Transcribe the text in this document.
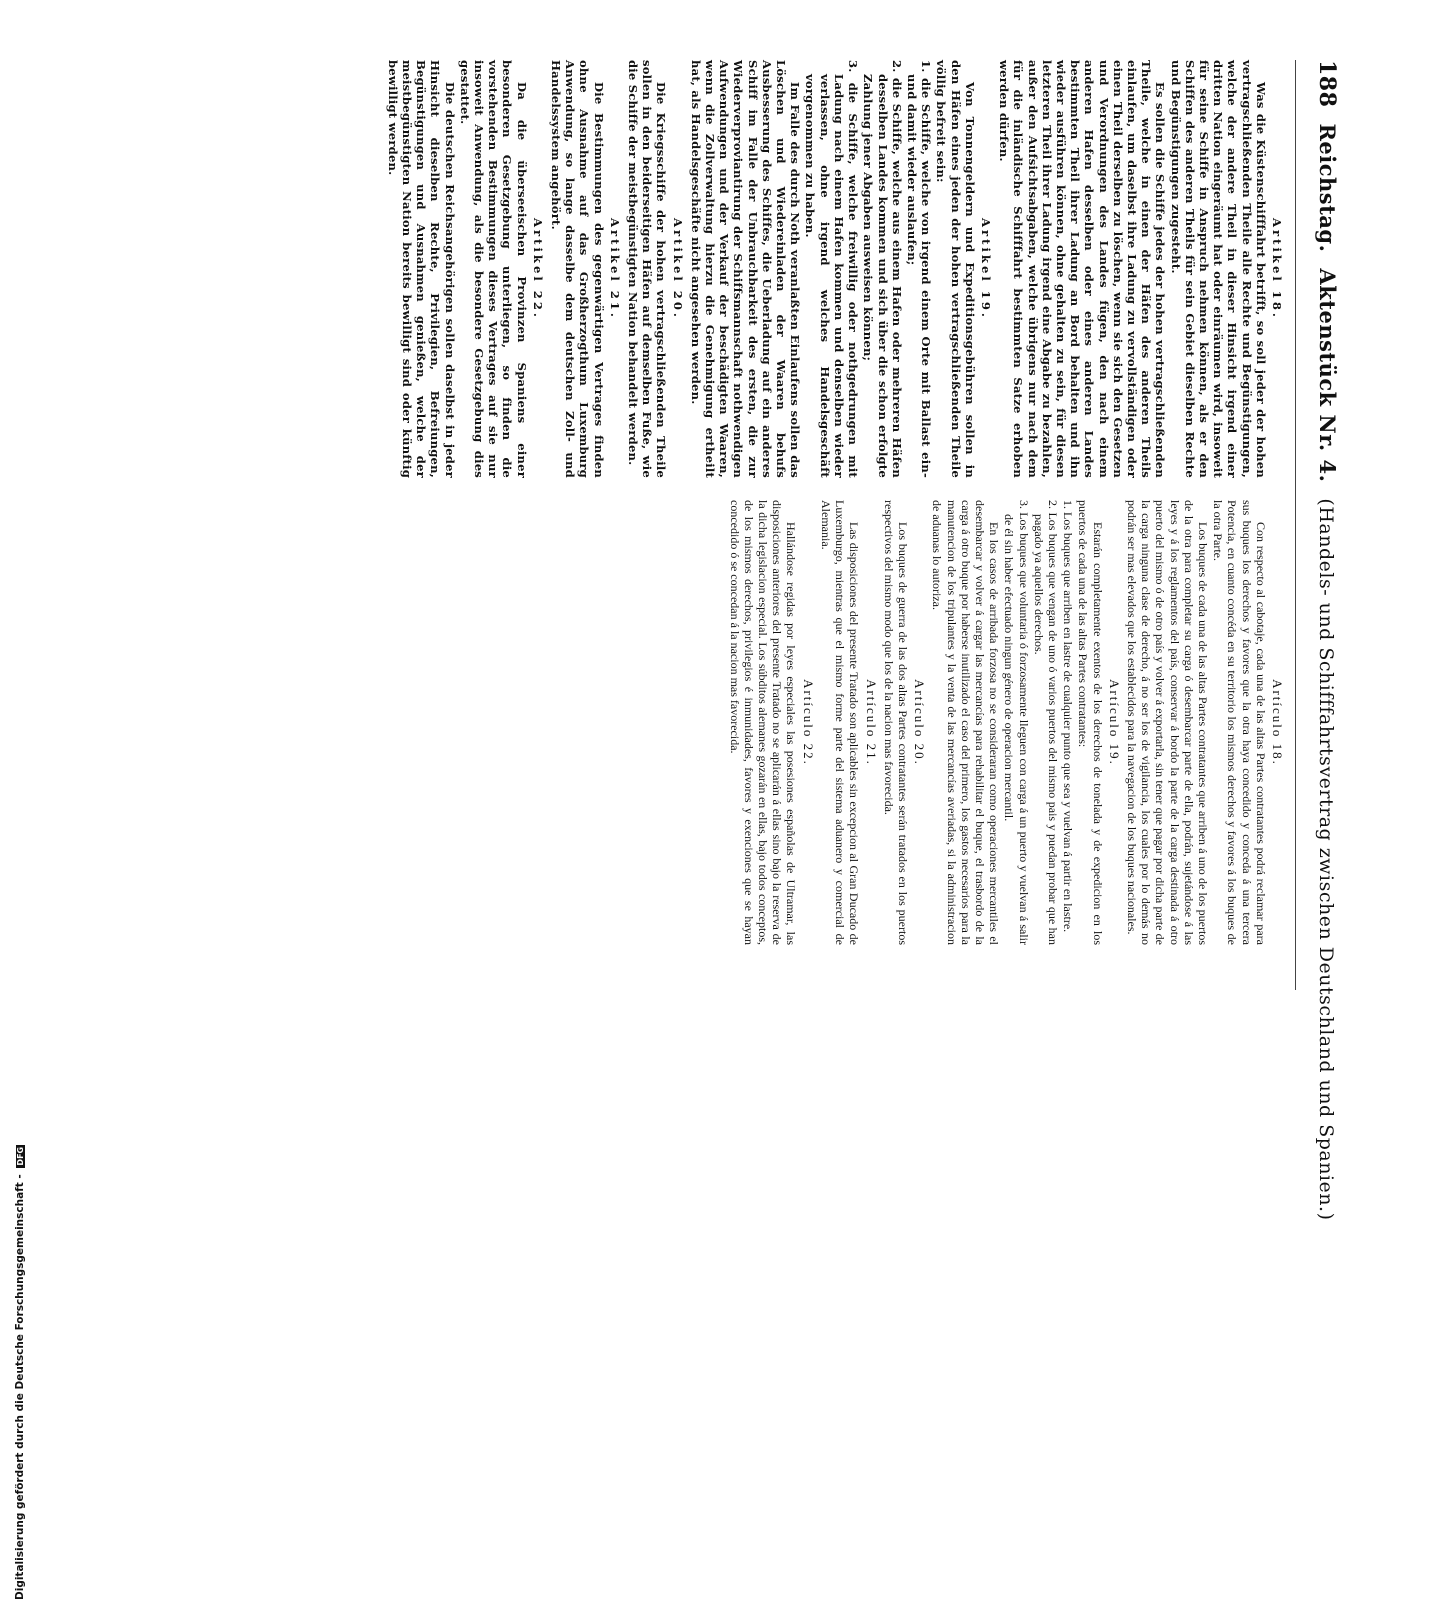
188
Reichstag.
Aktenstück Nr. 4.
(Handels- und Schifffahrtsvertrag zwischen Deutschland und Spanien.)
Artikel 18.
Was die Küstenschifffahrt betrifft, so soll jeder der hohen vertragschließenden Theile alle Rechte und Begünstigungen, welche der andere Theil in dieser Hinsicht irgend einer dritten Nation eingeräumt hat oder einräumen wird, insoweit für seine Schiffe in Anspruch nehmen können, als er den Schiffen des anderen Theils für sein Gebiet dieselben Rechte und Begünstigungen zugesteht.
Es sollen die Schiffe jedes der hohen vertragschließenden Theile, welche in einen der Häfen des anderen Theils einlaufen, um daselbst ihre Ladung zu vervollständigen oder einen Theil derselben zu löschen, wenn sie sich den Gesetzen und Verordnungen des Landes fügen, den nach einem anderen Hafen desselben oder eines anderen Landes bestimmten Theil ihrer Ladung an Bord behalten und ihn wieder ausführen können, ohne gehalten zu sein, für diesen letzteren Theil ihrer Ladung irgend eine Abgabe zu bezahlen, außer den Aufsichtsabgaben, welche übrigens nur nach dem für die inländische Schifffahrt bestimmten Satze erhoben werden dürfen.
Artikel 19.
Von Tonnengeldern und Expeditionsgebühren sollen in den Häfen eines jeden der hohen vertragschließenden Theile völlig befreit sein:
1. die Schiffe, welche von irgend einem Orte mit Ballast ein- und damit wieder auslaufen;
2. die Schiffe, welche aus einem Hafen oder mehreren Häfen desselben Landes kommen und sich über die schon erfolgte Zahlung jener Abgaben ausweisen können;
3. die Schiffe, welche freiwillig oder nothgedrungen mit Ladung nach einem Hafen kommen und denselben wieder verlassen, ohne irgend welches Handelsgeschäft vorgenommen zu haben.
Im Falle des durch Noth veranlaßten Einlaufens sollen das Löschen und Wiedereinladen der Waaren behufs Ausbesserung des Schiffes, die Ueberladung auf ein anderes Schiff im Falle der Unbrauchbarkeit des ersten, die zur Wiederverproviantirung der Schiffsmannschaft nothwendigen Aufwendungen und der Verkauf der beschädigten Waaren, wenn die Zollverwaltung hierzu die Genehmigung ertheilt hat, als Handelsgeschäfte nicht angesehen werden.
Artikel 20.
Die Kriegsschiffe der hohen vertragschließenden Theile sollen in den beiderseitigen Häfen auf demselben Fuße, wie die Schiffe der meistbegünstigten Nation behandelt werden.
Artikel 21.
Die Bestimmungen des gegenwärtigen Vertrages finden ohne Ausnahme auf das Großherzogthum Luxemburg Anwendung, so lange dasselbe dem deutschen Zoll- und Handelssystem angehört.
Artikel 22.
Da die überseeischen Provinzen Spaniens einer besonderen Gesetzgebung unterliegen, so finden die vorstehenden Bestimmungen dieses Vertrages auf sie nur insoweit Anwendung, als die besondere Gesetzgebung dies gestattet.
Die deutschen Reichsangehörigen sollen daselbst in jeder Hinsicht dieselben Rechte, Privilegien, Befreiungen, Begünstigungen und Ausnahmen genießen, welche der meistbegünstigten Nation bereits bewilligt sind oder künftig bewilligt werden.
Artículo 18.
Con respecto al cabotaje, cada una de las altas Partes contratantes podrá reclamar para sus buques los derechos y favores que la otra haya concedido y conceda á una tercera Potencia, en cuanto concéda en su territorio los mismos derechos y favores á los buques de la otra Parte.
Los buques de cada una de las altas Partes contratantes que arriben á uno de los puertos de la otra para completar su carga ó desembarcar parte de ella, podrán, sujetándose á las leyes y á los reglamentos del país, conservar á bordo la parte de la carga destinada á otro puerto del mismo ó de otro país y volver á exportarla, sin tener que pagar por dicha parte de la carga ninguna clase de derecho, á no ser los de vigilancia, los cuales por lo demás no podrán ser mas elevados que los establecidos para la navegacion de los buques nacionales.
Artículo 19.
Estarán completamente exentos de los derechos de tonelada y de expedicion en los puertos de cada una de las altas Partes contratantes:
1. Los buques que arriben en lastre de cualquier punto que sea y vuelvan á partir en lastre.
2. Los buques que vengan de uno ó varios puertos del mismo pais y puedan probar que han pagado ya aquellos derechos.
3. Los buques que voluntaria ó forzosamente lleguen con carga á un puerto y vuelvan á salir de él sin haber efectuado ningun género de operacion mercantil.
En los casos de arribada forzosa no se consideraran como operaciones mercantiles el desembarcar y volver á cargar las mercancías para rehabilitar el buque, el trasbordo de la carga á otro buque por haberse inutilizado el caso del primero, los gastos necesarios para la manutencion de los tripulantes y la venta de las mercancías averiadas, si la administracion de aduanas lo autoriza.
Artículo 20.
Los buques de guerra de las dos altas Partes contratantes serán tratados en los puertos respectivos del mismo modo que los de la nacion mas favorecida.
Artículo 21.
Las disposiciones del presente Tratado son aplicables sin excepcion al Gran Ducado de Luxemburgo, mientras que el mismo forme parte del sistema aduanero y comercial de Alemania.
Artículo 22.
Hallándose regidas por leyes especiales las posesiones españolas de Ultramar, las disposiciones anteriores del presente Tratado no se aplicarán á ellas sino bajo la reserva de la dicha legislacion especial. Los súbditos alemanes gozarán en ellas, bajo todos conceptos, de los mismos derechos, privilegios é inmunidades, favores y exenciones que se hayan concedido ó se concedan á la nacion mas favorecida.
Digitalisierung gefördert durch die Deutsche Forschungsgemeinschaft - DFG
